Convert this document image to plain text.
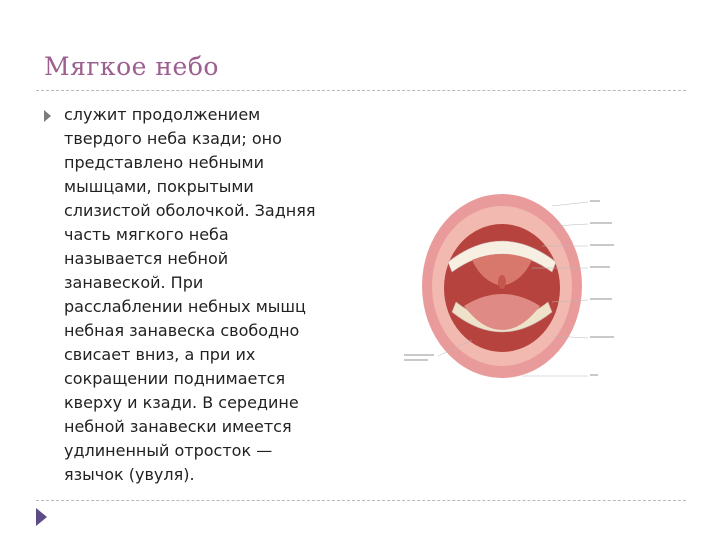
Мягкое небо
служит продолжением
твердого неба кзади; оно
представлено небными
мышцами, покрытыми
слизистой оболочкой. Задняя
часть мягкого неба
называется небной
занавеской. При
расслаблении небных мышц
небная занавеска свободно
свисает вниз, а при их
сокращении поднимается
кверху и кзади. В середине
небной занавески имеется
удлиненный отросток —
язычок (увуля).
